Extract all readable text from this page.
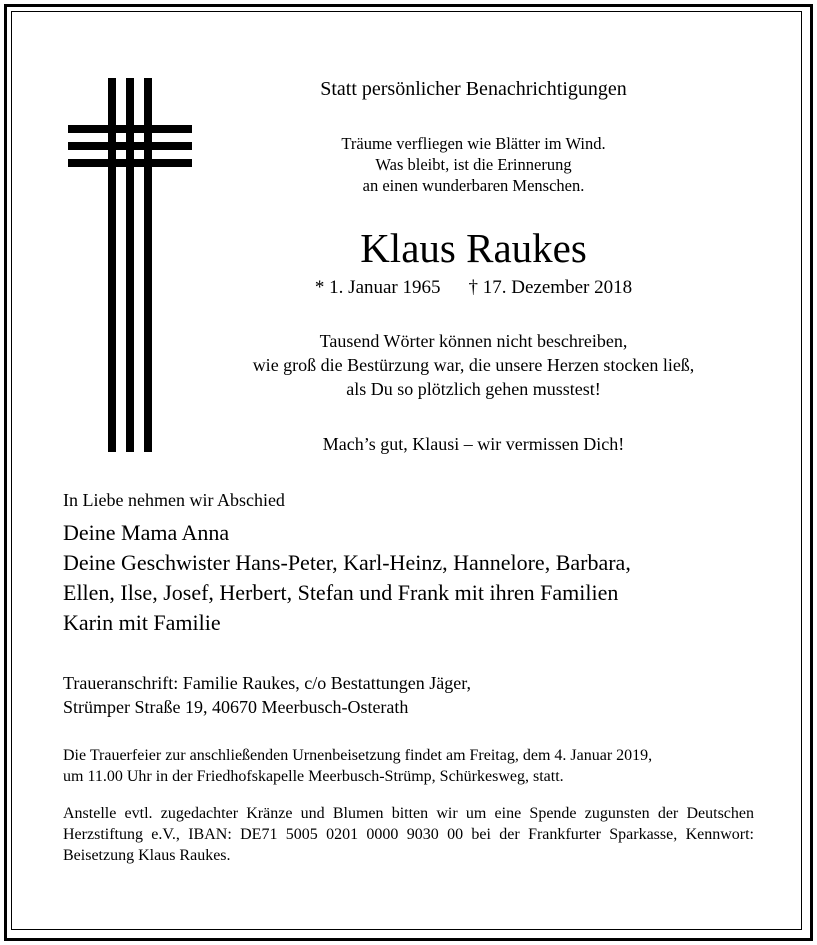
Statt persönlicher Benachrichtigungen
Träume verfliegen wie Blätter im Wind.
Was bleibt, ist die Erinnerung
an einen wunderbaren Menschen.
Klaus Raukes
* 1. Januar 1965 † 17. Dezember 2018
Tausend Wörter können nicht beschreiben,
wie groß die Bestürzung war, die unsere Herzen stocken ließ,
als Du so plötzlich gehen musstest!
Mach’s gut, Klausi – wir vermissen Dich!
In Liebe nehmen wir Abschied
Deine Mama Anna
Deine Geschwister Hans-Peter, Karl-Heinz, Hannelore, Barbara,
Ellen, Ilse, Josef, Herbert, Stefan und Frank mit ihren Familien
Karin mit Familie
Traueranschrift: Familie Raukes, c/o Bestattungen Jäger,
Strümper Straße 19, 40670 Meerbusch-Osterath
Die Trauerfeier zur anschließenden Urnenbeisetzung findet am Freitag, dem 4. Januar 2019,
um 11.00 Uhr in der Friedhofskapelle Meerbusch-Strümp, Schürkesweg, statt.
Anstelle evtl. zugedachter Kränze und Blumen bitten wir um eine Spende zugunsten der Deutschen Herzstiftung e.V., IBAN: DE71 5005 0201 0000 9030 00 bei der Frankfurter Sparkasse, Kennwort: Beisetzung Klaus Raukes.
